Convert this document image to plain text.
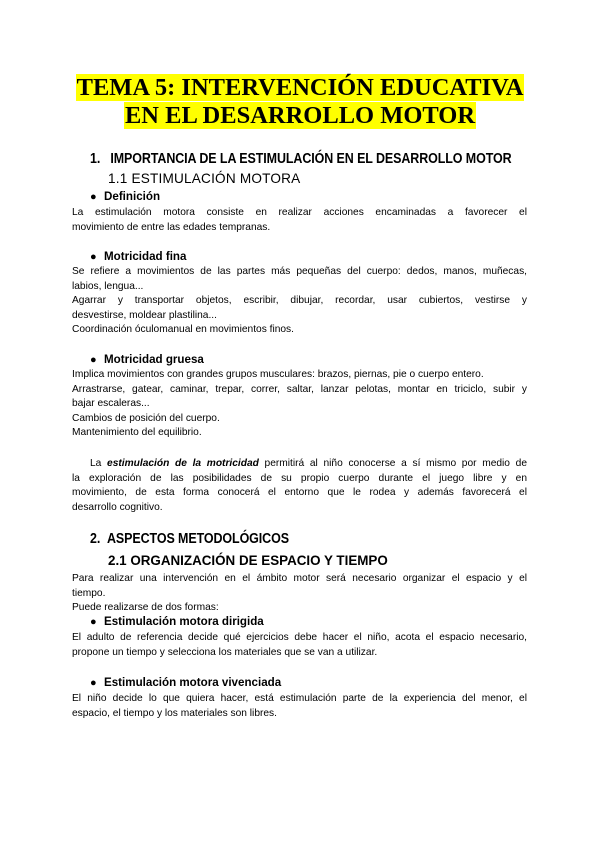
TEMA 5: INTERVENCIÓN EDUCATIVA
EN EL DESARROLLO MOTOR
1.   IMPORTANCIA DE LA ESTIMULACIÓN EN EL DESARROLLO MOTOR
1.1 ESTIMULACIÓN MOTORA
● Definición
La estimulación motora consiste en realizar acciones encaminadas a favorecer el
movimiento de entre las edades tempranas.
● Motricidad fina
Se refiere a movimientos de las partes más pequeñas del cuerpo: dedos, manos, muñecas,
labios, lengua...
Agarrar y transportar objetos, escribir, dibujar, recordar, usar cubiertos, vestirse y
desvestirse, moldear plastilina...
Coordinación óculomanual en movimientos finos.
● Motricidad gruesa
Implica movimientos con grandes grupos musculares: brazos, piernas, pie o cuerpo entero.
Arrastrarse, gatear, caminar, trepar, correr, saltar, lanzar pelotas, montar en triciclo, subir y
bajar escaleras...
Cambios de posición del cuerpo.
Mantenimiento del equilibrio.
La estimulación de la motricidad permitirá al niño conocerse a sí mismo por medio de
la exploración de las posibilidades de su propio cuerpo durante el juego libre y en
movimiento, de esta forma conocerá el entorno que le rodea y además favorecerá el
desarrollo cognitivo.
2.  ASPECTOS METODOLÓGICOS
2.1 ORGANIZACIÓN DE ESPACIO Y TIEMPO
Para realizar una intervención en el ámbito motor será necesario organizar el espacio y el
tiempo.
Puede realizarse de dos formas:
● Estimulación motora dirigida
El adulto de referencia decide qué ejercicios debe hacer el niño, acota el espacio necesario,
propone un tiempo y selecciona los materiales que se van a utilizar.
● Estimulación motora vivenciada
El niño decide lo que quiera hacer, está estimulación parte de la experiencia del menor, el
espacio, el tiempo y los materiales son libres.
